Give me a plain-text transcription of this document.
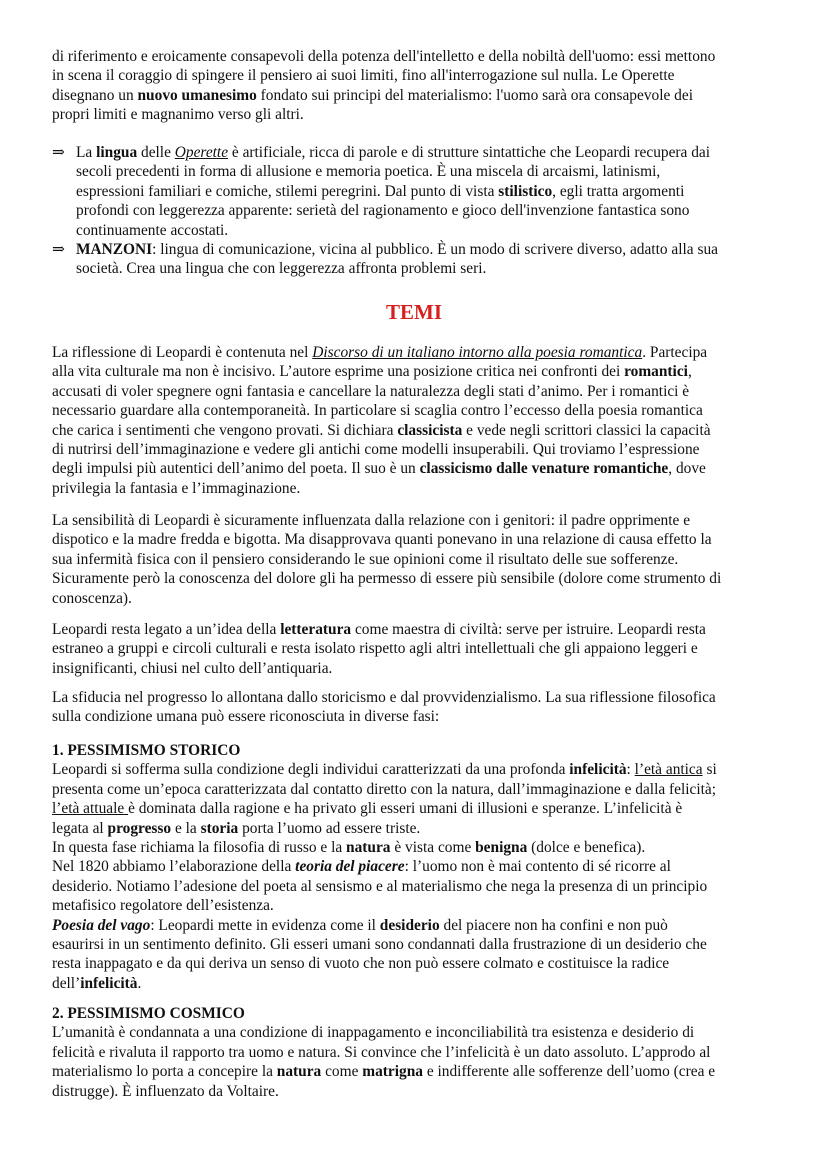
di riferimento e eroicamente consapevoli della potenza dell'intelletto e della nobiltà dell'uomo: essi mettono
in scena il coraggio di spingere il pensiero ai suoi limiti, fino all'interrogazione sul nulla. Le Operette
disegnano un nuovo umanesimo fondato sui principi del materialismo: l'uomo sarà ora consapevole dei
propri limiti e magnanimo verso gli altri.
⇒ La lingua delle Operette è artificiale, ricca di parole e di strutture sintattiche che Leopardi recupera dai
secoli precedenti in forma di allusione e memoria poetica. È una miscela di arcaismi, latinismi,
espressioni familiari e comiche, stilemi peregrini. Dal punto di vista stilistico, egli tratta argomenti
profondi con leggerezza apparente: serietà del ragionamento e gioco dell'invenzione fantastica sono
continuamente accostati.
⇒ MANZONI: lingua di comunicazione, vicina al pubblico. È un modo di scrivere diverso, adatto alla sua
società. Crea una lingua che con leggerezza affronta problemi seri.
TEMI
La riflessione di Leopardi è contenuta nel Discorso di un italiano intorno alla poesia romantica. Partecipa
alla vita culturale ma non è incisivo. L’autore esprime una posizione critica nei confronti dei romantici,
accusati di voler spegnere ogni fantasia e cancellare la naturalezza degli stati d’animo. Per i romantici è
necessario guardare alla contemporaneità. In particolare si scaglia contro l’eccesso della poesia romantica
che carica i sentimenti che vengono provati. Si dichiara classicista e vede negli scrittori classici la capacità
di nutrirsi dell’immaginazione e vedere gli antichi come modelli insuperabili. Qui troviamo l’espressione
degli impulsi più autentici dell’animo del poeta. Il suo è un classicismo dalle venature romantiche, dove
privilegia la fantasia e l’immaginazione.
La sensibilità di Leopardi è sicuramente influenzata dalla relazione con i genitori: il padre opprimente e
dispotico e la madre fredda e bigotta. Ma disapprovava quanti ponevano in una relazione di causa effetto la
sua infermità fisica con il pensiero considerando le sue opinioni come il risultato delle sue sofferenze.
Sicuramente però la conoscenza del dolore gli ha permesso di essere più sensibile (dolore come strumento di
conoscenza).
Leopardi resta legato a un’idea della letteratura come maestra di civiltà: serve per istruire. Leopardi resta
estraneo a gruppi e circoli culturali e resta isolato rispetto agli altri intellettuali che gli appaiono leggeri e
insignificanti, chiusi nel culto dell’antiquaria.
La sfiducia nel progresso lo allontana dallo storicismo e dal provvidenzialismo. La sua riflessione filosofica
sulla condizione umana può essere riconosciuta in diverse fasi:
1. PESSIMISMO STORICO
Leopardi si sofferma sulla condizione degli individui caratterizzati da una profonda infelicità: l’età antica si
presenta come un’epoca caratterizzata dal contatto diretto con la natura, dall’immaginazione e dalla felicità;
l’età attuale è dominata dalla ragione e ha privato gli esseri umani di illusioni e speranze. L’infelicità è
legata al progresso e la storia porta l’uomo ad essere triste.
In questa fase richiama la filosofia di russo e la natura è vista come benigna (dolce e benefica).
Nel 1820 abbiamo l’elaborazione della teoria del piacere: l’uomo non è mai contento di sé ricorre al
desiderio. Notiamo l’adesione del poeta al sensismo e al materialismo che nega la presenza di un principio
metafisico regolatore dell’esistenza.
Poesia del vago: Leopardi mette in evidenza come il desiderio del piacere non ha confini e non può
esaurirsi in un sentimento definito. Gli esseri umani sono condannati dalla frustrazione di un desiderio che
resta inappagato e da qui deriva un senso di vuoto che non può essere colmato e costituisce la radice
dell’infelicità.
2. PESSIMISMO COSMICO
L’umanità è condannata a una condizione di inappagamento e inconciliabilità tra esistenza e desiderio di
felicità e rivaluta il rapporto tra uomo e natura. Si convince che l’infelicità è un dato assoluto. L’approdo al
materialismo lo porta a concepire la natura come matrigna e indifferente alle sofferenze dell’uomo (crea e
distrugge). È influenzato da Voltaire.
